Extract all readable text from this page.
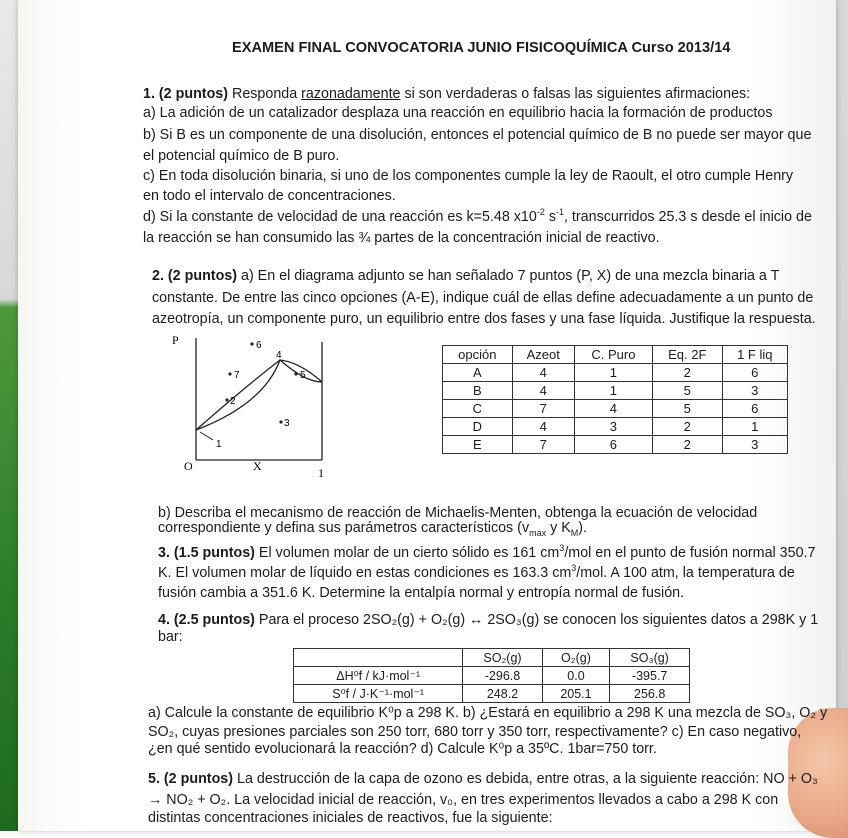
EXAMEN FINAL CONVOCATORIA JUNIO FISICOQUÍMICA Curso 2013/14
1. (2 puntos) Responda razonadamente si son verdaderas o falsas las siguientes afirmaciones:
a) La adición de un catalizador desplaza una reacción en equilibrio hacia la formación de productos
b) Si B es un componente de una disolución, entonces el potencial químico de B no puede ser mayor que
el potencial químico de B puro.
c) En toda disolución binaria, si uno de los componentes cumple la ley de Raoult, el otro cumple Henry
en todo el intervalo de concentraciones.
d) Si la constante de velocidad de una reacción es k=5.48 $x10^{-2}$ $s^{-1}$, transcurridos 25.3 s desde el inicio de
la reacción se han consumido las ¾ partes de la concentración inicial de reactivo.
2. (2 puntos) a) En el diagrama adjunto se han señalado 7 puntos (P, X) de una mezcla binaria a T
constante. De entre las cinco opciones (A-E), indique cuál de ellas define adecuadamente a un punto de
azeotropía, un componente puro, un equilibrio entre dos fases y una fase líquida. Justifique la respuesta.
P
O	X	1
1
2
3
4
5
6
7
opción	Azeot	C. Puro	Eq. 2F	1 F liq
A	4	1	2	6
B	4	1	5	3
C	7	4	5	6
D	4	3	2	1
E	7	6	2	3
b) Describa el mecanismo de reacción de Michaelis-Menten, obtenga la ecuación de velocidad
correspondiente y defina sus parámetros característicos ($v_{max}$ y $K_M$).
3. (1.5 puntos) El volumen molar de un cierto sólido es 161 $cm^3$/mol en el punto de fusión normal 350.7
K. El volumen molar de líquido en estas condiciones es 163.3 $cm^3$/mol. A 100 atm, la temperatura de
fusión cambia a 351.6 K. Determine la entalpía normal y entropía normal de fusión.
4. (2.5 puntos) Para el proceso 2SO₂(g) + O₂(g) ↔ 2SO₃(g) se conocen los siguientes datos a 298K y 1
bar:
	SO₂(g)	O₂(g)	SO₃(g)
ΔH⁰f / kJ·mol⁻¹	-296.8	0.0	-395.7
S⁰f / J·K⁻¹·mol⁻¹	248.2	205.1	256.8
a) Calcule la constante de equilibrio K⁰p a 298 K. b) ¿Estará en equilibrio a 298 K una mezcla de SO₃, O₂ y
SO₂, cuyas presiones parciales son 250 torr, 680 torr y 350 torr, respectivamente? c) En caso negativo,
¿en qué sentido evolucionará la reacción? d) Calcule K⁰p a 35ºC. 1bar=750 torr.
5. (2 puntos) La destrucción de la capa de ozono es debida, entre otras, a la siguiente reacción: NO + O₃
→ NO₂ + O₂. La velocidad inicial de reacción, v₀, en tres experimentos llevados a cabo a 298 K con
distintas concentraciones iniciales de reactivos, fue la siguiente:
